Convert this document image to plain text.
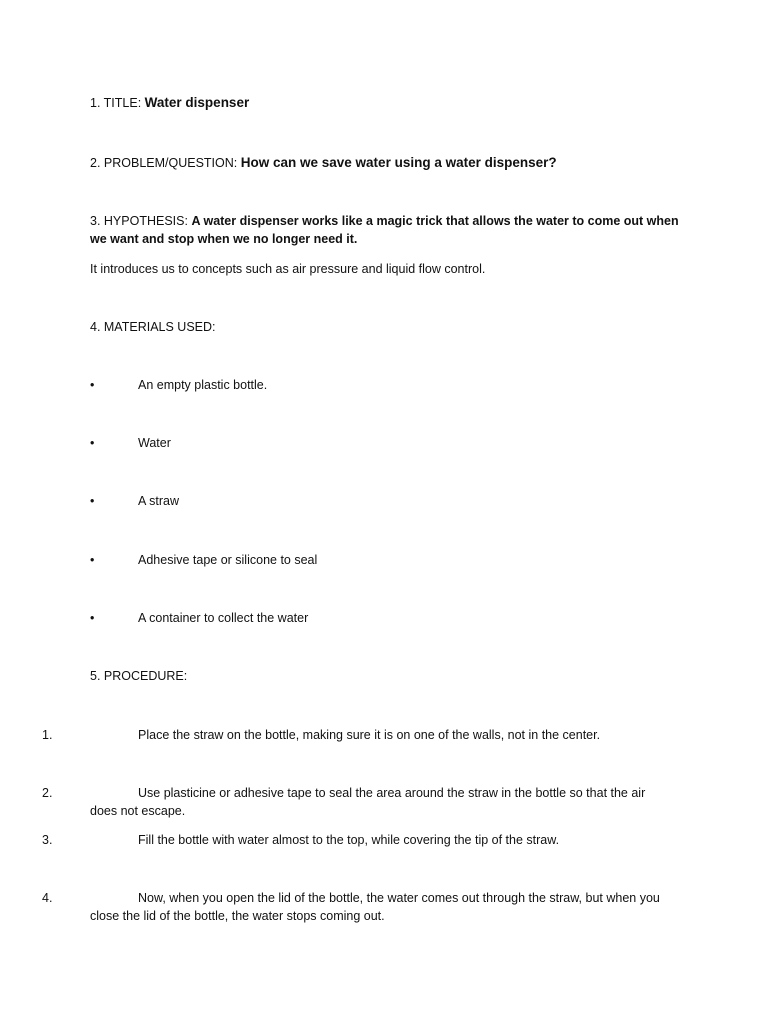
1. TITLE: Water dispenser
2. PROBLEM/QUESTION: How can we save water using a water dispenser?
3. HYPOTHESIS: A water dispenser works like a magic trick that allows the water to come out when we want and stop when we no longer need it.
It introduces us to concepts such as air pressure and liquid flow control.
4. MATERIALS USED:
•	An empty plastic bottle.
•	Water
•	A straw
•	Adhesive tape or silicone to seal
•	A container to collect the water
5. PROCEDURE:
1.	Place the straw on the bottle, making sure it is on one of the walls, not in the center.
2.	Use plasticine or adhesive tape to seal the area around the straw in the bottle so that the air does not escape.
3.	Fill the bottle with water almost to the top, while covering the tip of the straw.
4.	Now, when you open the lid of the bottle, the water comes out through the straw, but when you close the lid of the bottle, the water stops coming out.
